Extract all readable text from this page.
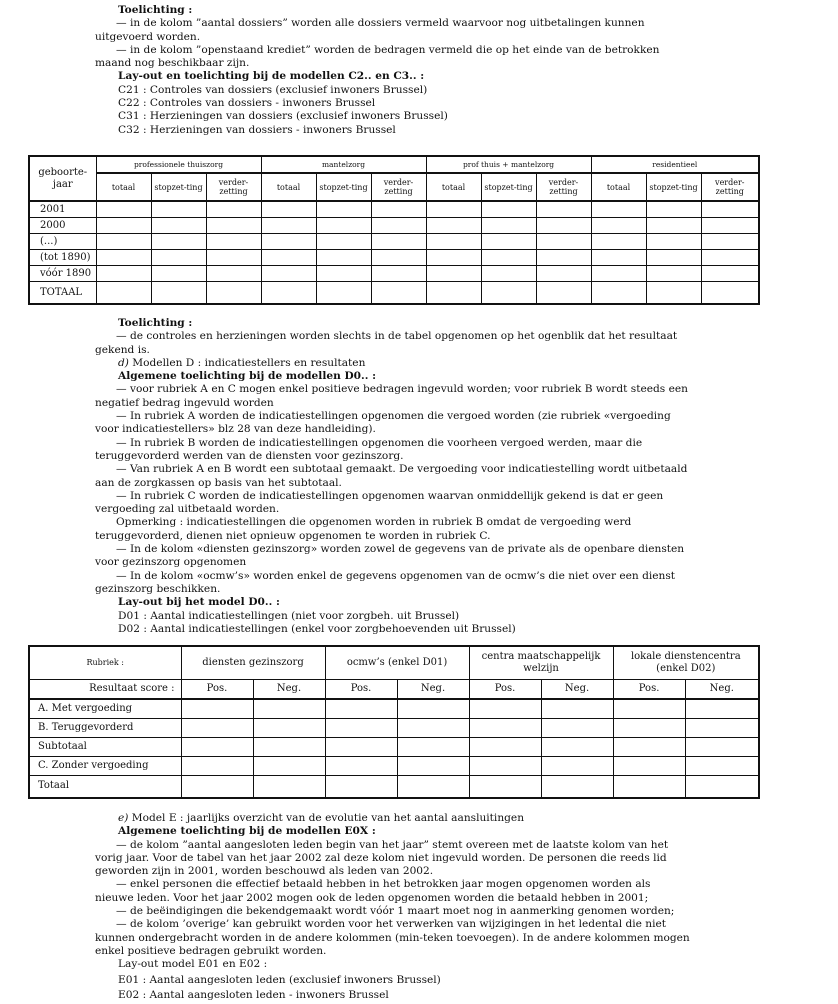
Toelichting :

— in de kolom ”aantal dossiers” worden alle dossiers vermeld waarvoor nog uitbetalingen kunnen uitgevoerd worden.

— in de kolom ”openstaand krediet” worden de bedragen vermeld die op het einde van de betrokken maand nog beschikbaar zijn.

Lay-out en toelichting bij de modellen C2.. en C3.. :

C21 : Controles van dossiers (exclusief inwoners Brussel)

C22 : Controles van dossiers - inwoners Brussel

C31 : Herzieningen van dossiers (exclusief inwoners Brussel)

C32 : Herzieningen van dossiers - inwoners Brussel

geboorte-jaar	professionele thuiszorg			mantelzorg			prof thuis + mantelzorg			residentieel		
	totaal	stopzet-ting	verder-zetting	totaal	stopzet-ting	verder-zetting	totaal	stopzet-ting	verder-zetting	totaal	stopzet-ting	verder-zetting
2001												
2000												
(...)												
(tot 1890)												
vóór 1890												
TOTAAL												

Toelichting :

— de controles en herzieningen worden slechts in de tabel opgenomen op het ogenblik dat het resultaat gekend is.

d) Modellen D : indicatiestellers en resultaten

Algemene toelichting bij de modellen D0.. :

— voor rubriek A en C mogen enkel positieve bedragen ingevuld worden; voor rubriek B wordt steeds een negatief bedrag ingevuld worden

— In rubriek A worden de indicatiestellingen opgenomen die vergoed worden (zie rubriek «vergoeding voor indicatiestellers» blz 28 van deze handleiding).

— In rubriek B worden de indicatiestellingen opgenomen die voorheen vergoed werden, maar die teruggevorderd werden van de diensten voor gezinszorg.

— Van rubriek A en B wordt een subtotaal gemaakt. De vergoeding voor indicatiestelling wordt uitbetaald aan de zorgkassen op basis van het subtotaal.

— In rubriek C worden de indicatiestellingen opgenomen waarvan onmiddellijk gekend is dat er geen vergoeding zal uitbetaald worden.

Opmerking : indicatiestellingen die opgenomen worden in rubriek B omdat de vergoeding werd teruggevorderd, dienen niet opnieuw opgenomen te worden in rubriek C.

— In de kolom «diensten gezinszorg» worden zowel de gegevens van de private als de openbare diensten voor gezinszorg opgenomen

— In de kolom «ocmw’s» worden enkel de gegevens opgenomen van de ocmw’s die niet over een dienst gezinszorg beschikken.

Lay-out bij het model D0.. :

D01 : Aantal indicatiestellingen (niet voor zorgbeh. uit Brussel)

D02 : Aantal indicatiestellingen (enkel voor zorgbehoevenden uit Brussel)

Rubriek :	diensten gezinszorg		ocmw’s (enkel D01)		centra maatschappelijk welzijn		lokale dienstencentra (enkel D02)	
Resultaat score :	Pos.	Neg.	Pos.	Neg.	Pos.	Neg.	Pos.	Neg.
A. Met vergoeding								
B. Teruggevorderd								
Subtotaal								
C. Zonder vergoeding								
Totaal								

e) Model E : jaarlijks overzicht van de evolutie van het aantal aansluitingen

Algemene toelichting bij de modellen E0X :

— de kolom ”aantal aangesloten leden begin van het jaar” stemt overeen met de laatste kolom van het vorig jaar. Voor de tabel van het jaar 2002 zal deze kolom niet ingevuld worden. De personen die reeds lid geworden zijn in 2001, worden beschouwd als leden van 2002.

— enkel personen die effectief betaald hebben in het betrokken jaar mogen opgenomen worden als nieuwe leden. Voor het jaar 2002 mogen ook de leden opgenomen worden die betaald hebben in 2001;

— de beëindigingen die bekendgemaakt wordt vóór 1 maart moet nog in aanmerking genomen worden;

— de kolom ’overige’ kan gebruikt worden voor het verwerken van wijzigingen in het ledental die niet kunnen ondergebracht worden in de andere kolommen (min-teken toevoegen). In de andere kolommen mogen enkel positieve bedragen gebruikt worden.

Lay-out model E01 en E02 :

E01 : Aantal aangesloten leden (exclusief inwoners Brussel)

E02 : Aantal aangesloten leden - inwoners Brussel
